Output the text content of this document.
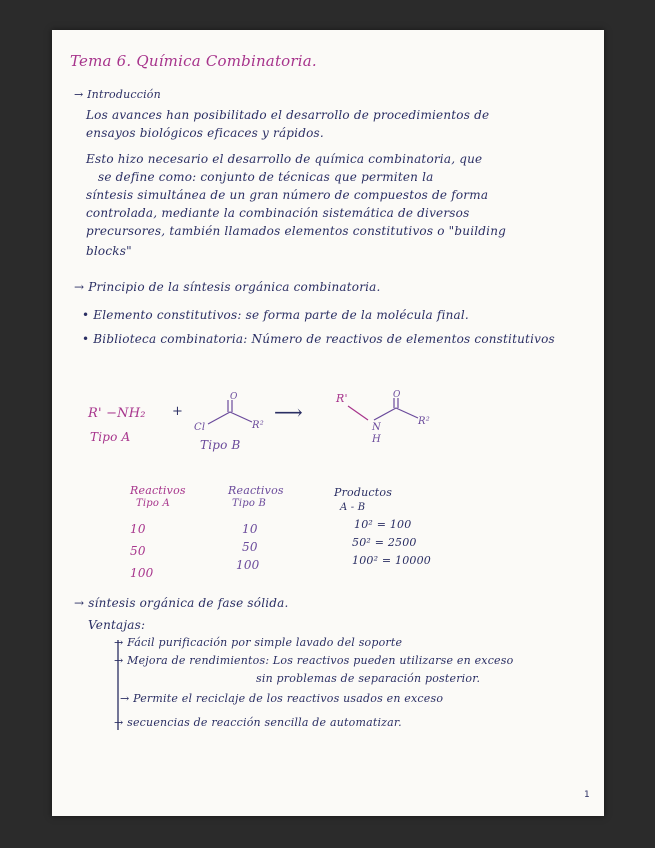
Tema 6. Química Combinatoria.
→ Introducción
Los avances han posibilitado el desarrollo de procedimientos de
ensayos biológicos eficaces y rápidos.
Esto hizo necesario el desarrollo de química combinatoria, que
se define como: conjunto de técnicas que permiten la
síntesis simultánea de un gran número de compuestos de forma
controlada, mediante la combinación sistemática de diversos
precursores, también llamados elementos constitutivos o "building
blocks"
→ Principio de la síntesis orgánica combinatoria.
• Elemento constitutivos: se forma parte de la molécula final.
• Biblioteca combinatoria: Número de reactivos de elementos constitutivos
R' −NH₂
Tipo A
+
O
Cl	R²
Tipo B
⟶
R'
N
H
O
R²
Reactivos
Tipo A
Reactivos
Tipo B
Productos
A - B
10
50
100
10
50
100
10² = 100
50² = 2500
100² = 10000
→ síntesis orgánica de fase sólida.
Ventajas:
→ Fácil purificación por simple lavado del soporte
→ Mejora de rendimientos: Los reactivos pueden utilizarse en exceso
sin problemas de separación posterior.
→ Permite el reciclaje de los reactivos usados en exceso
→ secuencias de reacción sencilla de automatizar.
1
